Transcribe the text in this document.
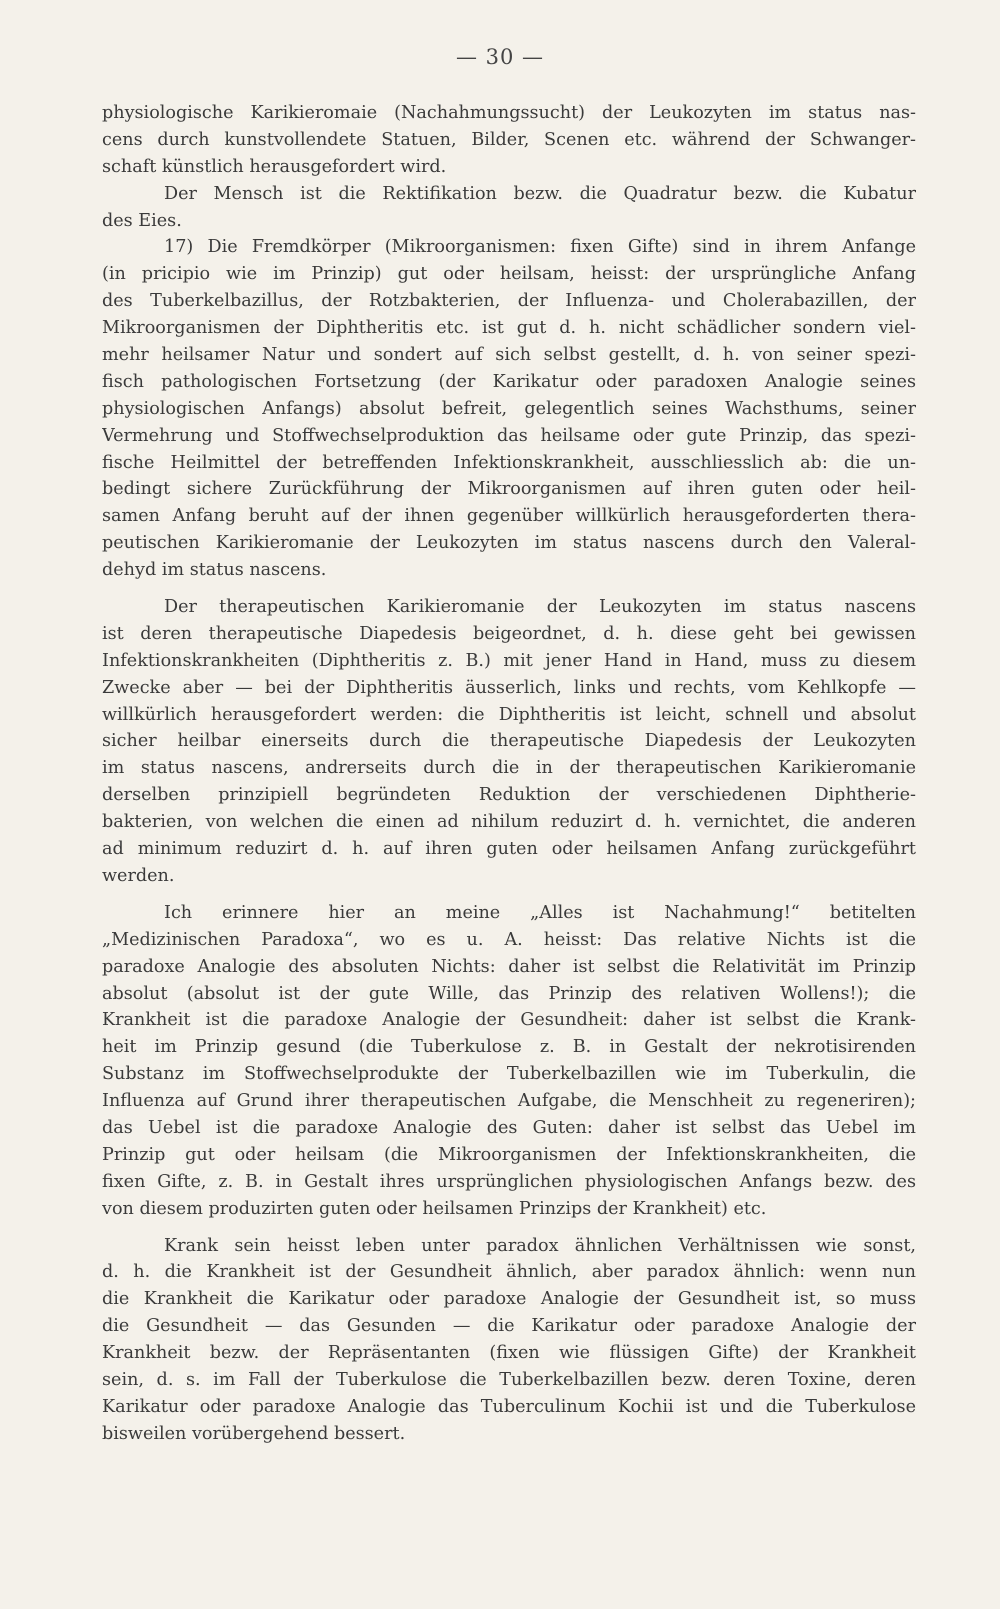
— 30 —
physiologische Karikieromaie (Nachahmungssucht) der Leukozyten im status nas-
cens durch kunstvollendete Statuen, Bilder, Scenen etc. während der Schwanger-
schaft künstlich herausgefordert wird.
Der Mensch ist die Rektifikation bezw. die Quadratur bezw. die Kubatur
des Eies.
17) Die Fremdkörper (Mikroorganismen: fixen Gifte) sind in ihrem Anfange
(in pricipio wie im Prinzip) gut oder heilsam, heisst: der ursprüngliche Anfang
des Tuberkelbazillus, der Rotzbakterien, der Influenza- und Cholerabazillen, der
Mikroorganismen der Diphtheritis etc. ist gut d. h. nicht schädlicher sondern viel-
mehr heilsamer Natur und sondert auf sich selbst gestellt, d. h. von seiner spezi-
fisch pathologischen Fortsetzung (der Karikatur oder paradoxen Analogie seines
physiologischen Anfangs) absolut befreit, gelegentlich seines Wachsthums, seiner
Vermehrung und Stoffwechselproduktion das heilsame oder gute Prinzip, das spezi-
fische Heilmittel der betreffenden Infektionskrankheit, ausschliesslich ab: die un-
bedingt sichere Zurückführung der Mikroorganismen auf ihren guten oder heil-
samen Anfang beruht auf der ihnen gegenüber willkürlich herausgeforderten thera-
peutischen Karikieromanie der Leukozyten im status nascens durch den Valeral-
dehyd im status nascens.
Der therapeutischen Karikieromanie der Leukozyten im status nascens
ist deren therapeutische Diapedesis beigeordnet, d. h. diese geht bei gewissen
Infektionskrankheiten (Diphtheritis z. B.) mit jener Hand in Hand, muss zu diesem
Zwecke aber — bei der Diphtheritis äusserlich, links und rechts, vom Kehlkopfe —
willkürlich herausgefordert werden: die Diphtheritis ist leicht, schnell und absolut
sicher heilbar einerseits durch die therapeutische Diapedesis der Leukozyten
im status nascens, andrerseits durch die in der therapeutischen Karikieromanie
derselben prinzipiell begründeten Reduktion der verschiedenen Diphtherie-
bakterien, von welchen die einen ad nihilum reduzirt d. h. vernichtet, die anderen
ad minimum reduzirt d. h. auf ihren guten oder heilsamen Anfang zurückgeführt
werden.
Ich erinnere hier an meine „Alles ist Nachahmung!“ betitelten
„Medizinischen Paradoxa“, wo es u. A. heisst: Das relative Nichts ist die
paradoxe Analogie des absoluten Nichts: daher ist selbst die Relativität im Prinzip
absolut (absolut ist der gute Wille, das Prinzip des relativen Wollens!); die
Krankheit ist die paradoxe Analogie der Gesundheit: daher ist selbst die Krank-
heit im Prinzip gesund (die Tuberkulose z. B. in Gestalt der nekrotisirenden
Substanz im Stoffwechselprodukte der Tuberkelbazillen wie im Tuberkulin, die
Influenza auf Grund ihrer therapeutischen Aufgabe, die Menschheit zu regeneriren);
das Uebel ist die paradoxe Analogie des Guten: daher ist selbst das Uebel im
Prinzip gut oder heilsam (die Mikroorganismen der Infektionskrankheiten, die
fixen Gifte, z. B. in Gestalt ihres ursprünglichen physiologischen Anfangs bezw. des
von diesem produzirten guten oder heilsamen Prinzips der Krankheit) etc.
Krank sein heisst leben unter paradox ähnlichen Verhältnissen wie sonst,
d. h. die Krankheit ist der Gesundheit ähnlich, aber paradox ähnlich: wenn nun
die Krankheit die Karikatur oder paradoxe Analogie der Gesundheit ist, so muss
die Gesundheit — das Gesunden — die Karikatur oder paradoxe Analogie der
Krankheit bezw. der Repräsentanten (fixen wie flüssigen Gifte) der Krankheit
sein, d. s. im Fall der Tuberkulose die Tuberkelbazillen bezw. deren Toxine, deren
Karikatur oder paradoxe Analogie das Tuberculinum Kochii ist und die Tuberkulose
bisweilen vorübergehend bessert.
